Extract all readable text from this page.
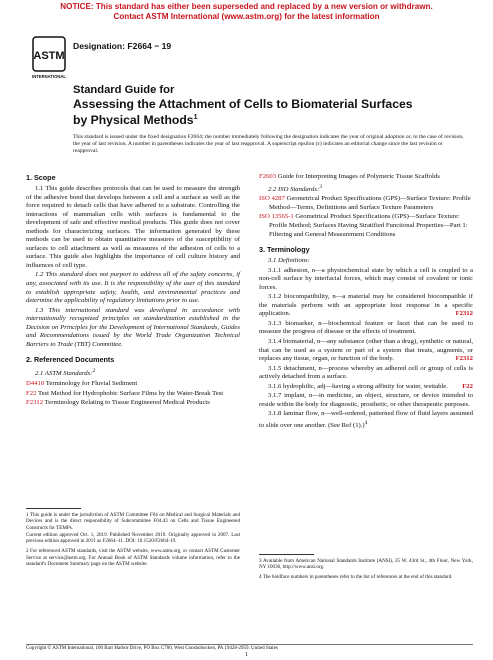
NOTICE: This standard has either been superseded and replaced by a new version or withdrawn.
Contact ASTM International (www.astm.org) for the latest information
ASTM
INTERNATIONAL
Designation: F2664 − 19
Standard Guide for
Assessing the Attachment of Cells to Biomaterial Surfaces
by Physical Methods$^1$
This standard is issued under the fixed designation F2664; the number immediately following the designation indicates the year of original adoption or, in the case of revision, the year of last revision. A number in parentheses indicates the year of last reapproval. A superscript epsilon (ε) indicates an editorial change since the last revision or reapproval.
1. Scope

1.1 This guide describes protocols that can be used to measure the strength of the adhesive bond that develops between a cell and a surface as well as the force required to detach cells that have adhered to a substrate. Controlling the interactions of mammalian cells with surfaces is fundamental to the development of safe and effective medical products. This guide does not cover methods for characterizing surfaces. The information generated by these methods can be used to obtain quantitative measures of the susceptibility of surfaces to cell attachment as well as measures of the adhesion of cells to a surface. This guide also highlights the importance of cell culture history and influences of cell type.

1.2 This standard does not purport to address all of the safety concerns, if any, associated with its use. It is the responsibility of the user of this standard to establish appropriate safety, health, and environmental practices and determine the applicability of regulatory limitations prior to use.

1.3 This international standard was developed in accordance with internationally recognized principles on standardization established in the Decision on Principles for the Development of International Standards, Guides and Recommendations issued by the World Trade Organization Technical Barriers to Trade (TBT) Committee.

2. Referenced Documents

2.1 ASTM Standards:$^2$

D4410 Terminology for Fluvial Sediment
F22 Test Method for Hydrophobic Surface Films by the Water-Break Test
F2312 Terminology Relating to Tissue Engineered Medical Products
F2603 Guide for Interpreting Images of Polymeric Tissue Scaffolds

2.2 ISO Standards:$^3$

ISO 4287 Geometrical Product Specifications (GPS)—Surface Texture: Profile Method—Terms, Definitions and Surface Texture Parameters
ISO 13565-1 Geometrical Product Specifications (GPS)—Surface Texture: Profile Method; Surfaces Having Stratified Functional Properties—Part 1: Filtering and General Measurement Conditions
3. Terminology

3.1 Definitions:

3.1.1 adhesion, n—a physiochemical state by which a cell is coupled to a non-cell surface by interfacial forces, which may consist of covalent or ionic forces.

3.1.2 biocompatibility, n—a material may be considered biocompatible if the materials perform with an appropriate host response in a specific application.	F2312

3.1.3 biomarker, n—biochemical feature or facet that can be used to measure the progress of disease or the effects of treatment.

3.1.4 biomaterial, n—any substance (other than a drug), synthetic or natural, that can be used as a system or part of a system that treats, augments, or replaces any tissue, organ, or function of the body.	F2312

3.1.5 detachment, n—process whereby an adhered cell or group of cells is actively detached from a surface.

3.1.6 hydrophilic, adj—having a strong affinity for water, wettable.	F22

3.1.7 implant, n—in medicine, an object, structure, or device intended to reside within the body for diagnostic, prosthetic, or other therapeutic purposes.

3.1.8 laminar flow, n—well-ordered, patterned flow of fluid layers assumed to slide over one another. (See Ref (1).)$^4$

1 This guide is under the jurisdiction of ASTM Committee F04 on Medical and Surgical Materials and Devices and is the direct responsibility of Subcommittee F04.43 on Cells and Tissue Engineered Constructs for TEMPs.
Current edition approved Oct. 1, 2019. Published November 2019. Originally approved in 2007. Last previous edition approved in 2011 as F2664–11. DOI: 10.1520/F2664-19.
2 For referenced ASTM standards, visit the ASTM website, www.astm.org, or contact ASTM Customer Service at service@astm.org. For Annual Book of ASTM Standards volume information, refer to the standard's Document Summary page on the ASTM website.
3 Available from American National Standards Institute (ANSI), 25 W. 43rd St., 4th Floor, New York, NY 10036, http://www.ansi.org.
4 The boldface numbers in parentheses refer to the list of references at the end of this standard.
Copyright © ASTM International, 100 Barr Harbor Drive, PO Box C700, West Conshohocken, PA 19428-2959. United States
1
